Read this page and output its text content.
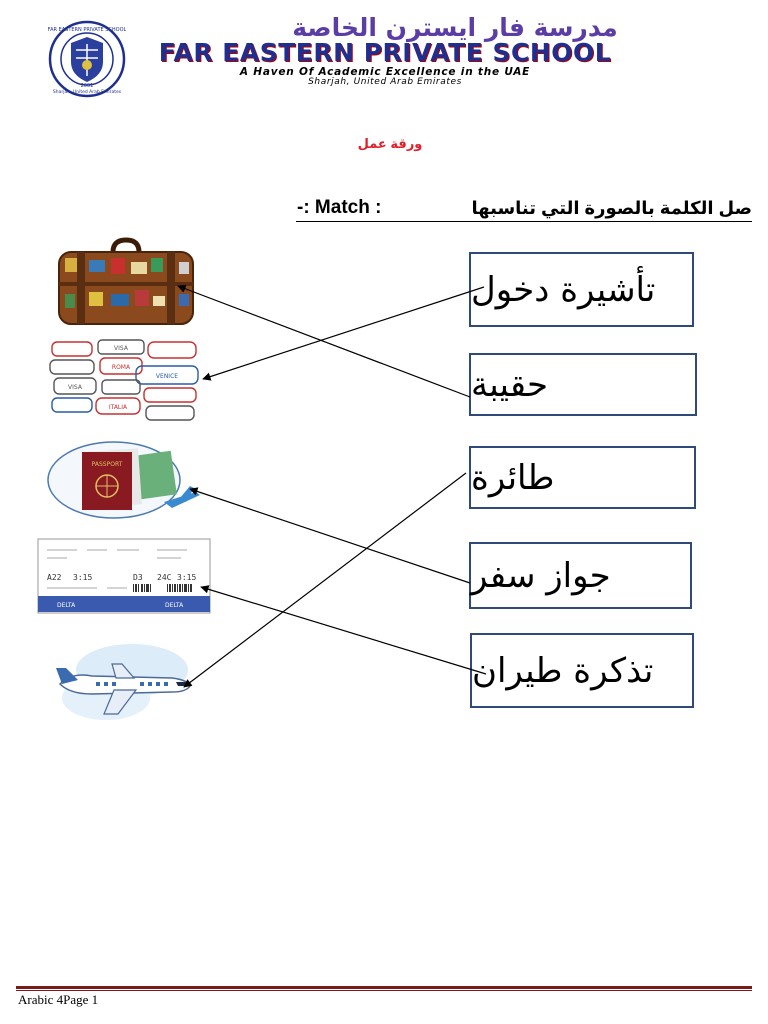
FAR EASTERN PRIVATE SCHOOL
Sharjah, United Arab Emirates
2001
مدرسة فار ايسترن الخاصة
FAR EASTERN PRIVATE SCHOOL
A Haven Of Academic Excellence in the UAE
Sharjah, United Arab Emirates
ورقة عمل
صل الكلمة بالصورة التي تناسبها
-: Match :
VISA
VENICE
ROMA
VISA
ITALIA
PASSPORT
A22 3:15	D3 24C 3:15
DELTA	DELTA
تأشيرة دخول
حقيبة
طائرة
جواز سفر
تذكرة طيران
Arabic 4Page 1
